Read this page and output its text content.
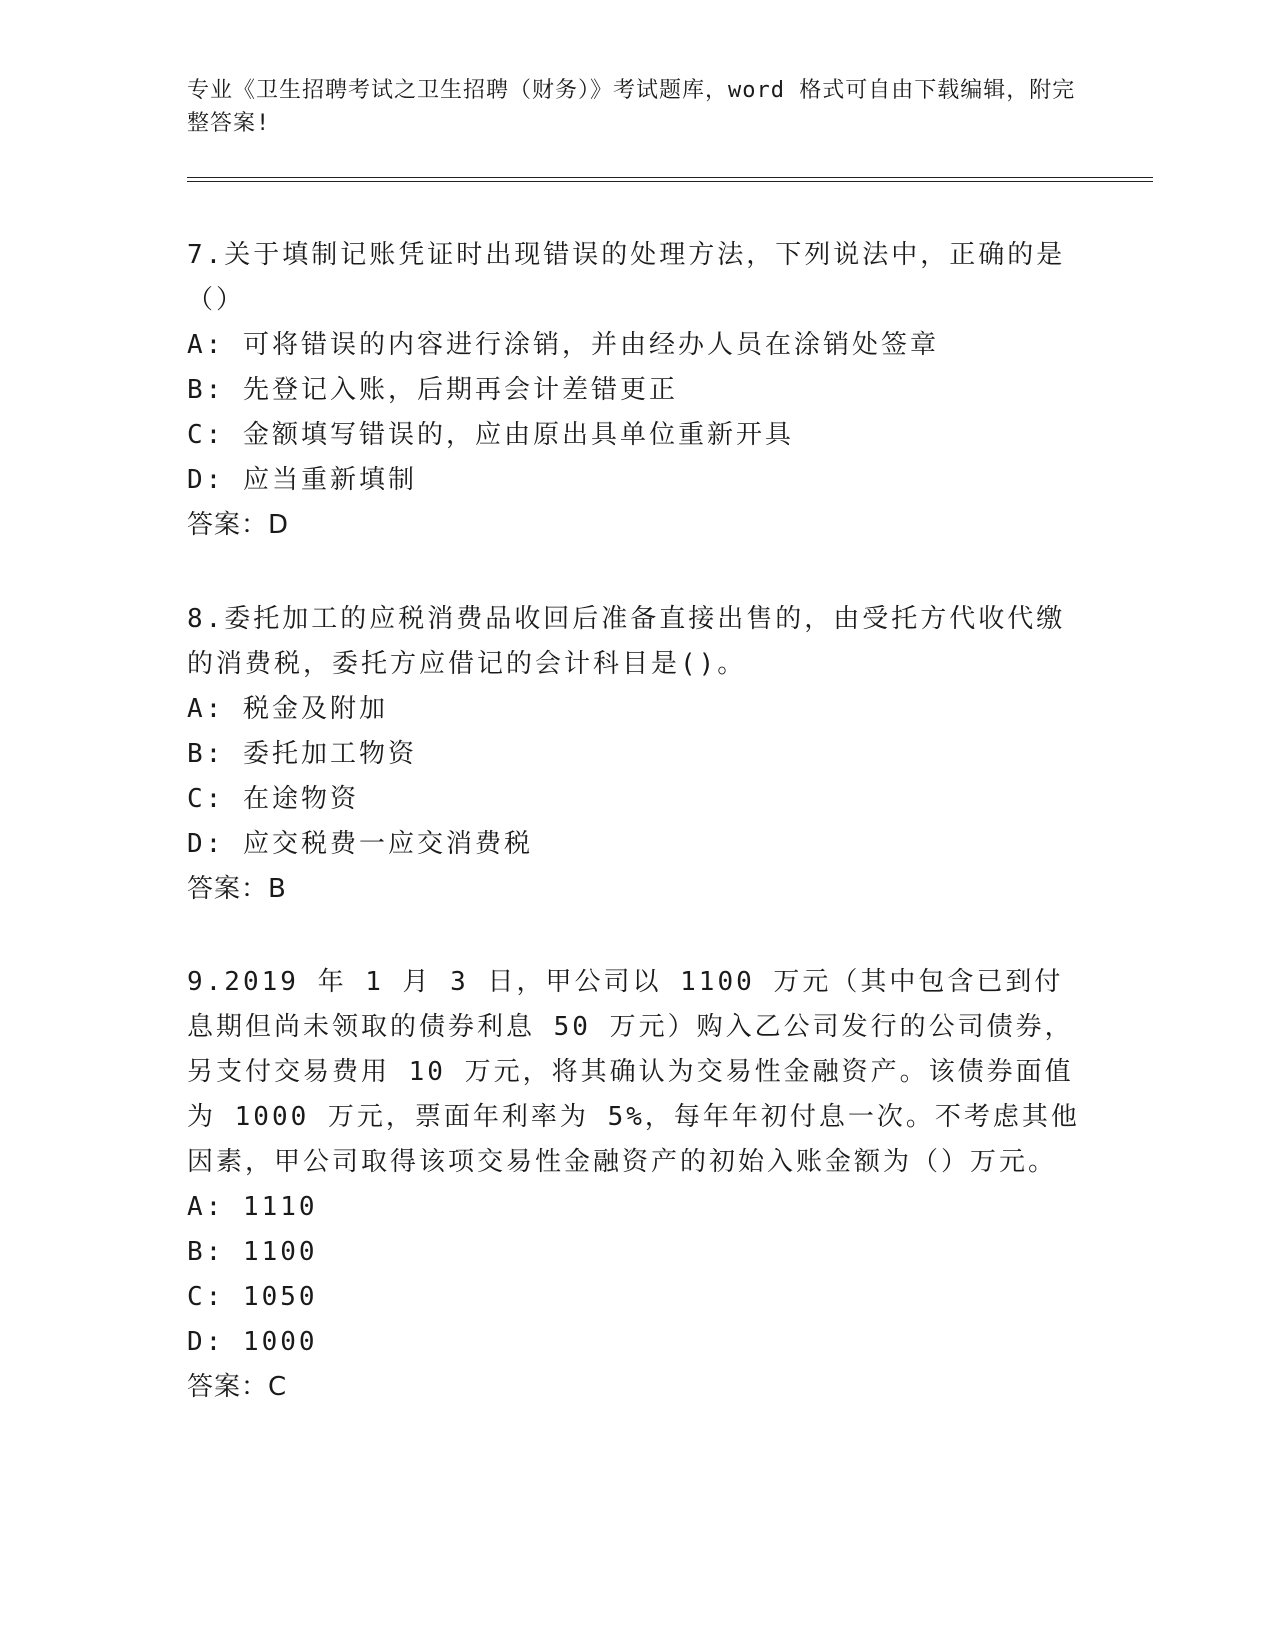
专业《卫生招聘考试之卫生招聘（财务）》考试题库，word 格式可自由下载编辑，附完整答案!

7.关于填制记账凭证时出现错误的处理方法，下列说法中，正确的是（）

A: 可将错误的内容进行涂销，并由经办人员在涂销处签章

B: 先登记入账，后期再会计差错更正

C: 金额填写错误的，应由原出具单位重新开具

D: 应当重新填制

答案：D

8.委托加工的应税消费品收回后准备直接出售的，由受托方代收代缴的消费税，委托方应借记的会计科目是()。

A: 税金及附加

B: 委托加工物资

C: 在途物资

D: 应交税费一应交消费税

答案：B

9.2019 年 1 月 3 日，甲公司以 1100 万元（其中包含已到付息期但尚未领取的债券利息 50 万元）购入乙公司发行的公司债券，另支付交易费用 10 万元，将其确认为交易性金融资产。该债券面值为 1000 万元，票面年利率为 5%，每年年初付息一次。不考虑其他因素，甲公司取得该项交易性金融资产的初始入账金额为（）万元。

A: 1110

B: 1100

C: 1050

D: 1000

答案：C
